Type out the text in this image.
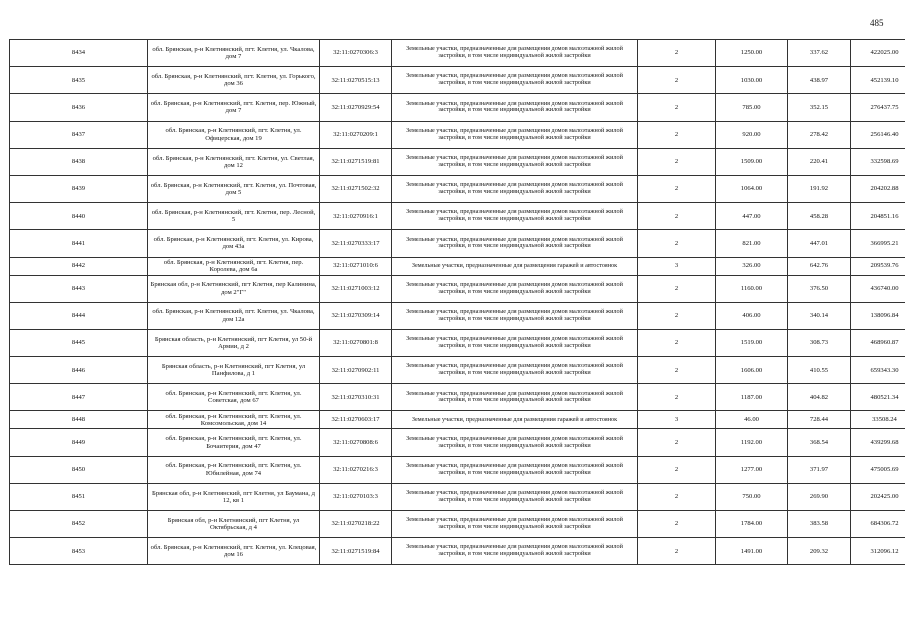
485
8434	обл. Брянская, р-н Клетнянский, пгт. Клетня, ул. Чкалова, дом 7	32:11:0270306:3	Земельные участки, предназначенные для размещения домов малоэтажной жилой застройки, в том числе индивидуальной жилой застройки	2	1250.00	337.62	422025.00
8435	обл. Брянская, р-н Клетнянский, пгт. Клетня, ул. Горького, дом 36	32:11:0270515:13	Земельные участки, предназначенные для размещения домов малоэтажной жилой застройки, в том числе индивидуальной жилой застройки	2	1030.00	438.97	452139.10
8436	обл. Брянская, р-н Клетнянский, пгт. Клетня, пер. Южный, дом 7	32:11:0270929:54	Земельные участки, предназначенные для размещения домов малоэтажной жилой застройки, в том числе индивидуальной жилой застройки	2	785.00	352.15	276437.75
8437	обл. Брянская, р-н Клетнянский, пгт. Клетня, ул. Офицерская, дом 19	32:11:0270209:1	Земельные участки, предназначенные для размещения домов малоэтажной жилой застройки, в том числе индивидуальной жилой застройки	2	920.00	278.42	256146.40
8438	обл. Брянская, р-н Клетнянский, пгт. Клетня, ул. Светлая, дом 12	32:11:0271519:81	Земельные участки, предназначенные для размещения домов малоэтажной жилой застройки, в том числе индивидуальной жилой застройки	2	1509.00	220.41	332598.69
8439	обл. Брянская, р-н Клетнянский, пгт. Клетня, ул. Почтовая, дом 5	32:11:0271502:32	Земельные участки, предназначенные для размещения домов малоэтажной жилой застройки, в том числе индивидуальной жилой застройки	2	1064.00	191.92	204202.88
8440	обл. Брянская, р-н Клетнянский, пгт. Клетня, пер. Лесной, 5	32:11:0270916:1	Земельные участки, предназначенные для размещения домов малоэтажной жилой застройки, в том числе индивидуальной жилой застройки	2	447.00	458.28	204851.16
8441	обл. Брянская, р-н Клетнянский, пгт. Клетня, ул. Кирова, дом 43а	32:11:0270333:17	Земельные участки, предназначенные для размещения домов малоэтажной жилой застройки, в том числе индивидуальной жилой застройки	2	821.00	447.01	366995.21
8442	обл. Брянская, р-н Клетнянский, пгт. Клетня, пер. Королева, дом 6а	32:11:0271010:6	Земельные участки, предназначенные для размещения гаражей и автостоянок	3	326.00	642.76	209539.76
8443	Брянская обл, р-н Клетнянский, пгт Клетня, пер Калинина, дом 2"Г"	32:11:0271003:12	Земельные участки, предназначенные для размещения домов малоэтажной жилой застройки, в том числе индивидуальной жилой застройки	2	1160.00	376.50	436740.00
8444	обл. Брянская, р-н Клетнянский, пгт. Клетня, ул. Чкалова, дом 12а	32:11:0270309:14	Земельные участки, предназначенные для размещения домов малоэтажной жилой застройки, в том числе индивидуальной жилой застройки	2	406.00	340.14	138096.84
8445	Брянская область, р-н Клетнянский, пгт Клетня, ул 50-й Армии, д 2	32:11:0270801:8	Земельные участки, предназначенные для размещения домов малоэтажной жилой застройки, в том числе индивидуальной жилой застройки	2	1519.00	308.73	468960.87
8446	Брянская область, р-н Клетнянский, пгт Клетня, ул Панфилова, д 1	32:11:0270902:11	Земельные участки, предназначенные для размещения домов малоэтажной жилой застройки, в том числе индивидуальной жилой застройки	2	1606.00	410.55	659343.30
8447	обл. Брянская, р-н Клетнянский, пгт. Клетня, ул. Советская, дом 67	32:11:0270310:31	Земельные участки, предназначенные для размещения домов малоэтажной жилой застройки, в том числе индивидуальной жилой застройки	2	1187.00	404.82	480521.34
8448	обл. Брянская, р-н Клетнянский, пгт. Клетня, ул. Комсомольская, дом 14	32:11:0270603:17	Земельные участки, предназначенные для размещения гаражей и автостоянок	3	46.00	728.44	33508.24
8449	обл. Брянская, р-н Клетнянский, пгт. Клетня, ул. Бочаитерия, дом 47	32:11:0270808:6	Земельные участки, предназначенные для размещения домов малоэтажной жилой застройки, в том числе индивидуальной жилой застройки	2	1192.00	368.54	439299.68
8450	обл. Брянская, р-н Клетнянский, пгт. Клетня, ул. Юбилейная, дом 74	32:11:0270216:3	Земельные участки, предназначенные для размещения домов малоэтажной жилой застройки, в том числе индивидуальной жилой застройки	2	1277.00	371.97	475005.69
8451	Брянская обл, р-н Клетнянский, пгт Клетня, ул Баумана, д 12, кв 1	32:11:0270103:3	Земельные участки, предназначенные для размещения домов малоэтажной жилой застройки, в том числе индивидуальной жилой застройки	2	750.00	269.90	202425.00
8452	Брянская обл, р-н Клетнянский, пгт Клетня, ул Октябрьская, д 4	32:11:0270218:22	Земельные участки, предназначенные для размещения домов малоэтажной жилой застройки, в том числе индивидуальной жилой застройки	2	1784.00	383.58	684306.72
8453	обл. Брянская, р-н Клетнянский, пгт. Клетня, ул. Клецовая, дом 16	32:11:0271519:84	Земельные участки, предназначенные для размещения домов малоэтажной жилой застройки, в том числе индивидуальной жилой застройки	2	1491.00	209.32	312096.12
